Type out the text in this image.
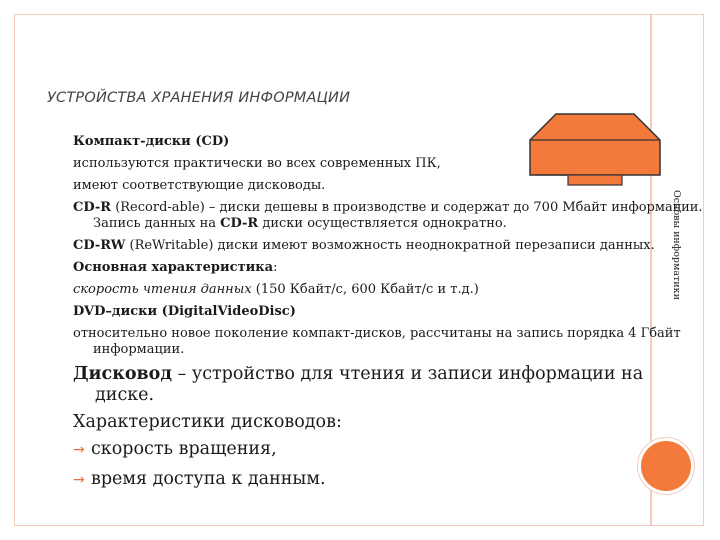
УСТРОЙСТВА ХРАНЕНИЯ ИНФОРМАЦИИ
Основы информатики
Компакт-диски (CD)
используются практически во всех современных ПК,
имеют соответствующие дисководы.
CD-R (Record-able) – диски дешевы в производстве и содержат до 700 Мбайт информации. Запись данных на CD-R диски осуществляется однократно.
CD-RW (ReWritable) диски имеют возможность неоднократной перезаписи данных.
Основная характеристика:
скорость чтения данных (150 Кбайт/с, 600 Кбайт/с и т.д.)
DVD–диски (DigitalVideoDisc)
относительно новое поколение компакт-дисков, рассчитаны на запись порядка 4 Гбайт информации.
Дисковод – устройство для чтения и записи информации на диске.
Характеристики дисководов:
→ скорость вращения,
→ время доступа к данным.
